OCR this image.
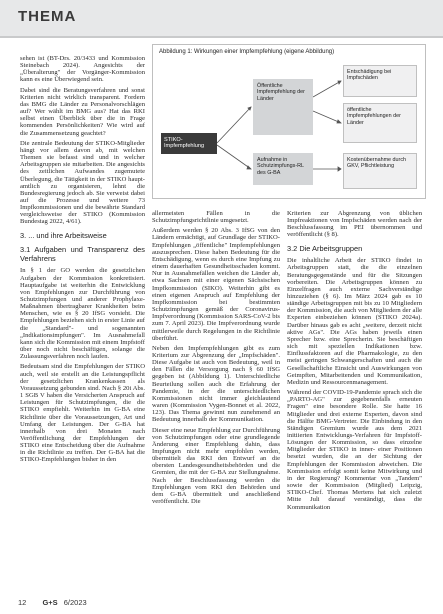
THEMA

sehen ist (BT-Drs. 20/3433 und Kommission Steinebach 2024). Angesichts der „Überalterung" der Vorgänger-Kommission kann es eine Überwiegend sein.

Dabei sind die Beratungsverfahren und sonst Kriterien nicht wirklich transparent. Fordern das BMG die Länder zu Personalvorschlägen auf? Wer wählt im BMG aus? Hat das RKI selbst einen Überblick über die in Frage kommenden Persönlichkeiten? Wie wird auf die Zusammensetzung geachtet?

Die zentrale Bedeutung der STIKO-Mitglieder hängt vor allem davon ab, mit welchen Themen sie befasst sind und in welcher Arbeitsgruppen sie mitarbeiten. Die angesichts des zeitlichen Aufwandes zugemutete Überlegung, die Tätigkeit in der STIKO haupt- amtlich zu organisieren, lehnt die Bundesregierung jedoch ab. Sie verweist dabei auf die Prozesse und weitere 73 Impfkommissionen und die bewährte Standard vergleichsweise der STIKO (Kommission Bundestag 2022, 4/61).

3. ... und ihre Arbeitsweise
3.1 Aufgaben und Transparenz des Verfahrens

In § 1 der GO werden die gesetzlichen Aufgaben der Kommission konkretisiert. Hauptaufgabe ist weiterhin die Entwicklung von Empfehlungen zur Durchführung von Schutzimpfungen und anderer Prophylaxe-Maßnahmen übertragbarer Krankheiten beim Menschen, wie es § 20 IfSG vorsieht. Die Empfehlungen beziehen sich in erster Linie auf die „Standard"- und sogenannten „Indikationsimpfungen". Im Ausnahmefall kann sich die Kommission mit einem Impfstoff über noch nicht beschäftigen, solange die Zulassungsverfahren noch laufen.

Bedeutsam sind die Empfehlungen der STIKO auch, weil sie erstellt an die Leistungspflicht der gesetzlichen Krankenkassen als Voraussetzung gebunden sind. Nach § 20i Abs. 1 SGB V haben die Versicherten Anspruch auf Leistungen für Schutzimpfungen, die die STIKO empfiehlt. Weiterhin im G-BA eine Richtlinie über die Voraussetzungen, Art und Umfang der Leistungen. Der G-BA hat innerhalb von drei Monaten nach Veröffentlichung der Empfehlungen der STIKO eine Entscheidung über die Aufnahme in die Richtlinie zu treffen. Der G-BA hat die STIKO-Empfehlungen bisher in den

Abbildung 1: Wirkungen einer Impfempfehlung (eigene Abbildung)
STIKO-Impfempfehlung
Öffentliche Impfempfehlung der Länder
Aufnahme in Schutzimpfungs-RL des G-BA
Entschädigung bei Impfschäden
öffentliche Impfempfehlungen der Länder
Kostenübernahme durch GKV, Pflichtleistung

allermeisten Fällen in die Schutzimpfungsrichtlinie umgesetzt.

Außerdem werden § 20 Abs. 3 IfSG von den Ländern ermächtigt, auf Grundlage der STIKO-Empfehlungen „öffentliche" Impfempfehlungen auszusprechen. Diese haben Bedeutung für die Entschädigung, wenn es durch eine Impfung zu einem dauerhaften Gesundheitsschaden kommt. Nur in Ausnahmefällen weichen die Länder ab, etwa Sachsen mit einer eigenen Sächsischen Impfkommission (SIKO). Weiterhin gibt es einen eigenen Anspruch auf Empfehlung der Impfkommission bei bestimmten Schutzimpfungen gemäß der Coronavirus-Impfverordnung (Kommission SARS-CoV-2 bis zum 7. April 2023). Die Impfverordnung wurde mittlerweile durch Regelungen in die Richtlinie überführt.

Neben den Impfempfehlungen gibt es zum Kriterium zur Abgrenzung der „Impfschäden". Diese Aufgabe ist auch von Bedeutung, weil in den Fällen die Versorgung nach § 60 IfSG gegeben ist (Abbildung 1). Unterschiedliche Beurteilung sollen auch die Erfahrung der Pandemie, in der die unterschiedlichen Kommissionen nicht immer gleichlautend waren (Kommission Vygen-Bonnet et al. 2022, 123). Das Thema gewinnt nun zunehmend an Bedeutung innerhalb der Kommunikation.

Dieser eine neue Empfehlung zur Durchführung von Schutzimpfungen oder eine grundlegende Änderung einer Empfehlung dahin, dass Impfungen nicht mehr empfohlen werden, übermittelt das RKI den Entwurf an die obersten Landesgesundheitsbehörden und die Gremien, die mit der G-BA zur Stellungnahme. Nach der Beschlussfassung werden die Empfehlungen vom RKI den Behörden und dem G-BA übermittelt und anschließend veröffentlicht. Die

Kriterien zur Abgrenzung von üblichen Impfreaktionen von Impfschäden werden nach der Beschlussfassung im PEI übernommen und veröffentlicht (§ 8).

3.2 Die Arbeitsgruppen

Die inhaltliche Arbeit der STIKO findet in Arbeitsgruppen statt, die die einzelnen Beratungsgegenstände und für die Sitzungen vorbereiten. Die Arbeitsgruppen können zu Einzelfragen auch externe Sachverständige hinzuziehen (§ 6). Im März 2024 gab es 10 ständige Arbeitsgruppen mit bis zu 10 Mitgliedern der Kommission, die auch von Mitgliedern der alle Experten einbeziehen können (STIKO 2024a). Darüber hinaus gab es acht „weitere, derzeit nicht aktive AGs". Die AGs haben jeweils einen Sprecher bzw. eine Sprecherin. Sie beschäftigen sich mit speziellen Indikationen bzw. Einflussfaktoren auf die Pharmakologie, zu den meist geringen Schwangerschaften und auch die Gesellschaftliche Einsicht und Auswirkungen von Geimpften, Mitarbeitenden und Kommunikation, Medizin und Ressourcenmanagement.

Während der COVID-19-Pandemie sprach sich die „PARTO-AG" zur gegebenenfalls erneuten Fragen" eine besondere Rolle. Sie hatte 16 Mitglieder und drei externe Experten, davon sind die Hälfte BMG-Vertreter. Die Einbindung in den Ständigen Gremium wurde aus dem 2021 initiierten Entwicklungs-Verfahren für Impfstoff-Lösungen der Kommission, so dass einzelne Mitglieder der STIKO in inner- einer Positionen besetzt wurden, die an der Sichtung der Empfehlungen der Kommission abweichen. Die Kommission erfolgt somit keine Mitwirkung und in der Regierung? Kommentar von „Tandem" sowie der Kommission (Mitglied) Leipzig, STIKO-Chef. Thomas Mertens hat sich zuletzt Mitte Juli darauf verständigt, dass die Kommunikation

12 G+S 6/2023
